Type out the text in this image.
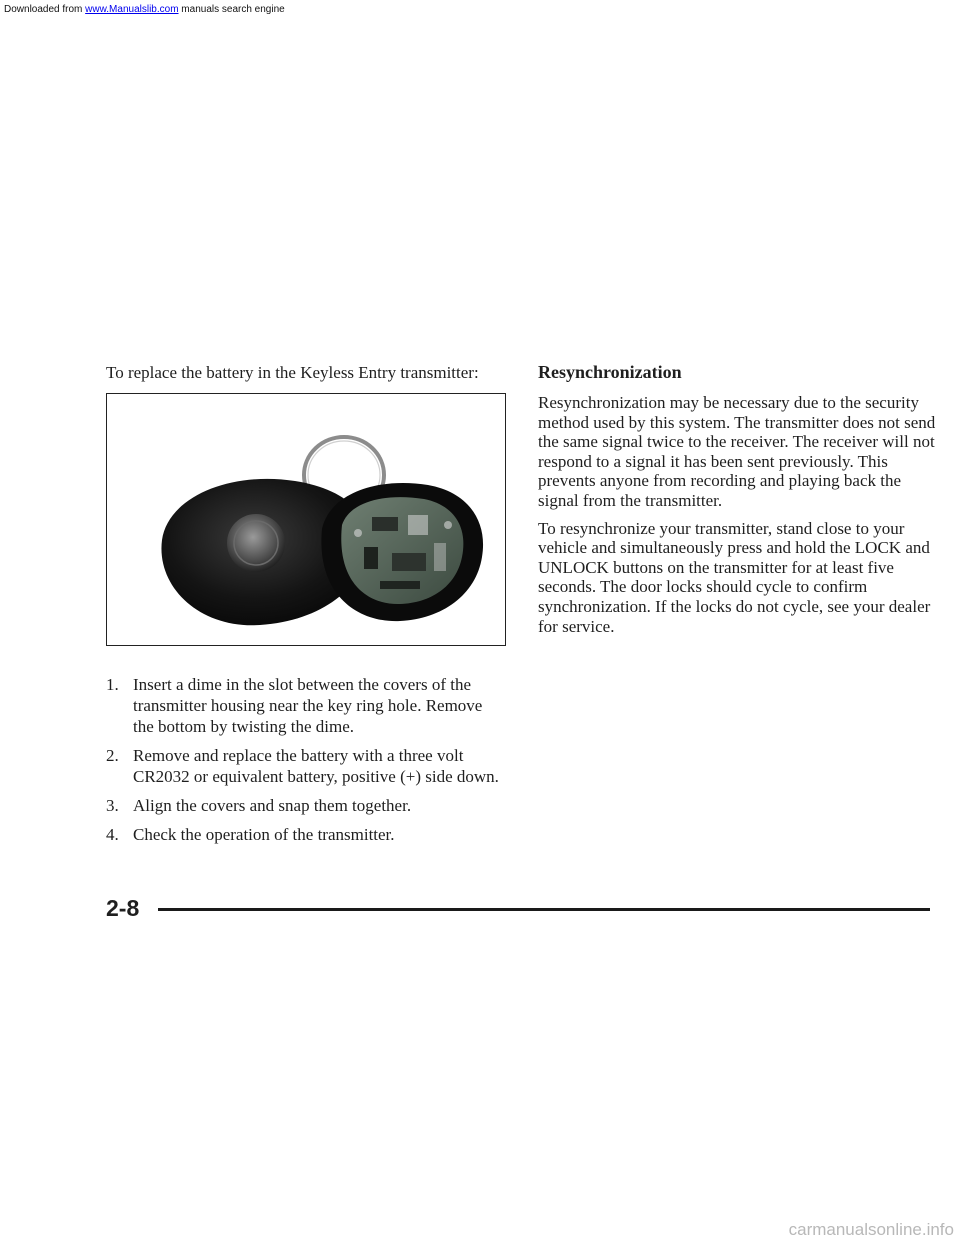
Downloaded from www.Manualslib.com manuals search engine

To replace the battery in the Keyless Entry transmitter:

1. Insert a dime in the slot between the covers of the transmitter housing near the key ring hole. Remove the bottom by twisting the dime.
2. Remove and replace the battery with a three volt CR2032 or equivalent battery, positive (+) side down.
3. Align the covers and snap them together.
4. Check the operation of the transmitter.
Resynchronization

Resynchronization may be necessary due to the security method used by this system. The transmitter does not send the same signal twice to the receiver. The receiver will not respond to a signal it has been sent previously. This prevents anyone from recording and playing back the signal from the transmitter.

To resynchronize your transmitter, stand close to your vehicle and simultaneously press and hold the LOCK and UNLOCK buttons on the transmitter for at least five seconds. The door locks should cycle to confirm synchronization. If the locks do not cycle, see your dealer for service.

2-8
carmanualsonline.info
